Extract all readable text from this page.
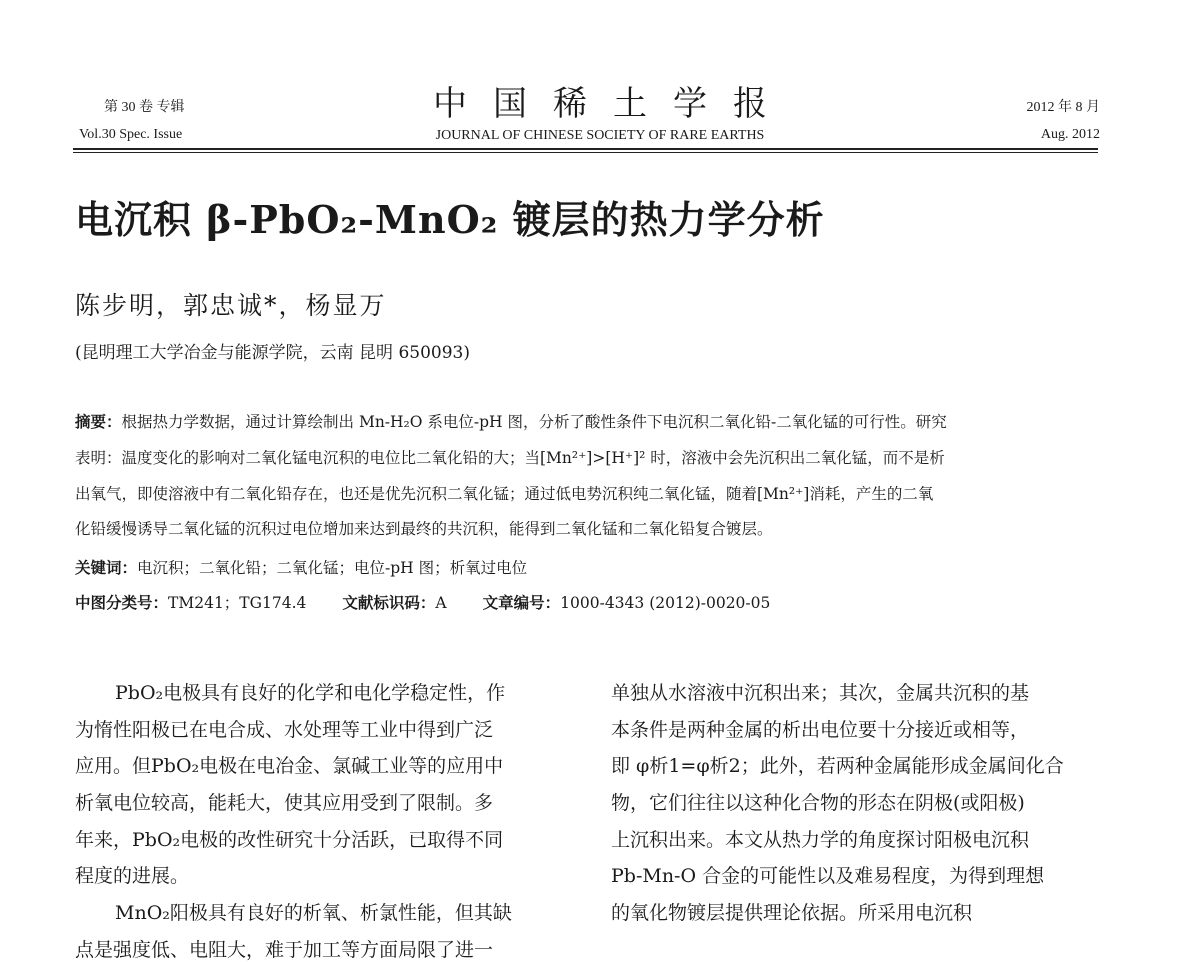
第 30 卷 专辑
Vol.30 Spec. Issue
中国稀土学报
JOURNAL OF CHINESE SOCIETY OF RARE EARTHS
2012 年 8 月
Aug. 2012
电沉积 β-PbO₂-MnO₂ 镀层的热力学分析
陈步明，郭忠诚*，杨显万
(昆明理工大学冶金与能源学院，云南 昆明 650093)
摘要：根据热力学数据，通过计算绘制出 Mn-H₂O 系电位-pH 图，分析了酸性条件下电沉积二氧化铅-二氧化锰的可行性。研究
表明：温度变化的影响对二氧化锰电沉积的电位比二氧化铅的大；当[Mn²⁺]>[H⁺]² 时，溶液中会先沉积出二氧化锰，而不是析
出氧气，即使溶液中有二氧化铅存在，也还是优先沉积二氧化锰；通过低电势沉积纯二氧化锰，随着[Mn²⁺]消耗，产生的二氧
化铅缓慢诱导二氧化锰的沉积过电位增加来达到最终的共沉积，能得到二氧化锰和二氧化铅复合镀层。
关键词：电沉积；二氧化铅；二氧化锰；电位-pH 图；析氧过电位
中图分类号：TM241；TG174.4 文献标识码：A 文章编号：1000-4343 (2012)-0020-05
PbO₂电极具有良好的化学和电化学稳定性，作
为惰性阳极已在电合成、水处理等工业中得到广泛
应用。但PbO₂电极在电冶金、氯碱工业等的应用中
析氧电位较高，能耗大，使其应用受到了限制。多
年来，PbO₂电极的改性研究十分活跃，已取得不同
程度的进展。
MnO₂阳极具有良好的析氧、析氯性能，但其缺
点是强度低、电阻大，难于加工等方面局限了进一
单独从水溶液中沉积出来；其次，金属共沉积的基
本条件是两种金属的析出电位要十分接近或相等，
即 φ析1=φ析2；此外，若两种金属能形成金属间化合
物，它们往往以这种化合物的形态在阴极(或阳极)
上沉积出来。本文从热力学的角度探讨阳极电沉积
Pb-Mn-O 合金的可能性以及难易程度，为得到理想
的氧化物镀层提供理论依据。所采用电沉积
